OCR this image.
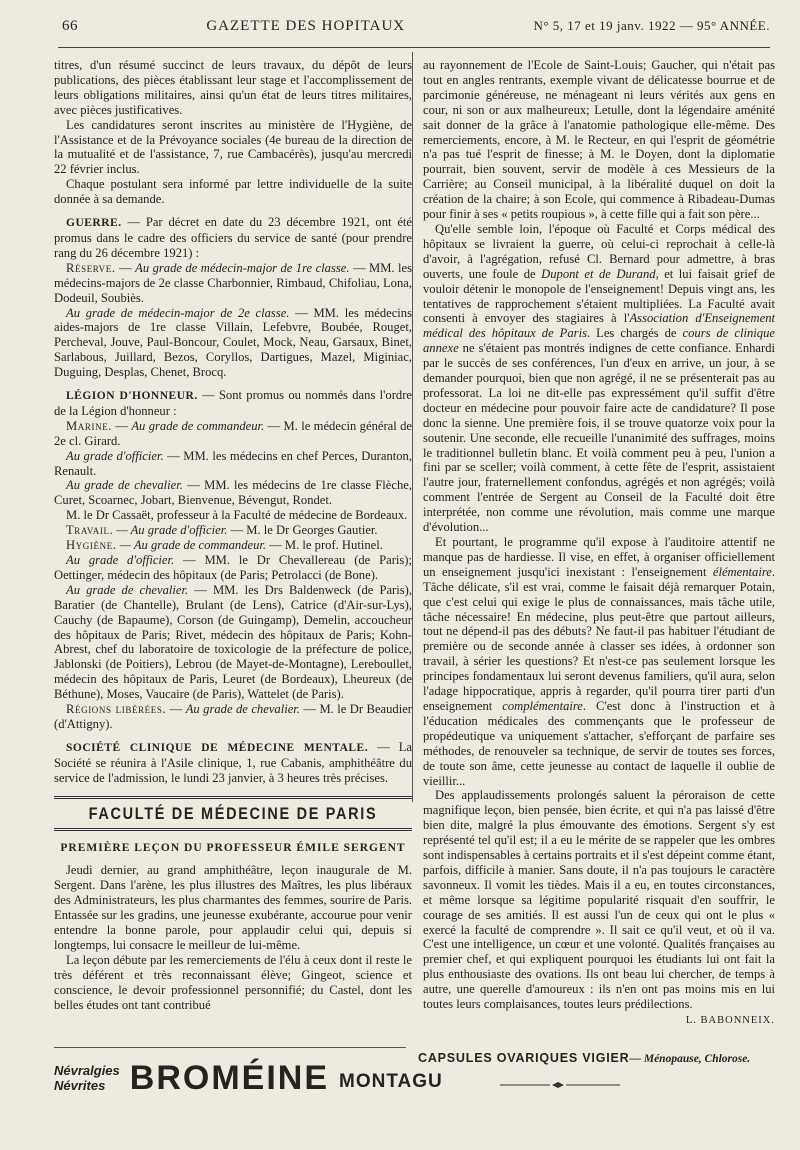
66	GAZETTE DES HOPITAUX	N° 5, 17 et 19 janv. 1922 — 95° ANNÉE.

titres, d'un résumé succinct de leurs travaux, du dépôt de leurs publications, des pièces établissant leur stage et l'accomplissement de leurs obligations militaires, ainsi qu'un état de leurs titres militaires, avec pièces justificatives.

Les candidatures seront inscrites au ministère de l'Hygiène, de l'Assistance et de la Prévoyance sociales (4e bureau de la direction de la mutualité et de l'assistance, 7, rue Cambacérès), jusqu'au mercredi 22 février inclus.

Chaque postulant sera informé par lettre individuelle de la suite donnée à sa demande.

GUERRE. — Par décret en date du 23 décembre 1921, ont été promus dans le cadre des officiers du service de santé (pour prendre rang du 26 décembre 1921) :

Réserve. — Au grade de médecin-major de 1re classe. — MM. les médecins-majors de 2e classe Charbonnier, Rimbaud, Chifoliau, Lona, Dodeuil, Soubiès.

Au grade de médecin-major de 2e classe. — MM. les médecins aides-majors de 1re classe Villain, Lefebvre, Boubée, Rouget, Percheval, Jouve, Paul-Boncour, Coulet, Mock, Neau, Garsaux, Binet, Sarlabous, Juillard, Bezos, Coryllos, Dartigues, Mazel, Miginiac, Duguing, Desplas, Chenet, Brocq.

LÉGION D'HONNEUR. — Sont promus ou nommés dans l'ordre de la Légion d'honneur :

Marine. — Au grade de commandeur. — M. le médecin général de 2e cl. Girard.

Au grade d'officier. — MM. les médecins en chef Perces, Duranton, Renault.

Au grade de chevalier. — MM. les médecins de 1re classe Flèche, Curet, Scoarnec, Jobart, Bienvenue, Bévengut, Rondet.

M. le Dr Cassaët, professeur à la Faculté de médecine de Bordeaux.

Travail. — Au grade d'officier. — M. le Dr Georges Gautier.

Hygiène. — Au grade de commandeur. — M. le prof. Hutinel.

Au grade d'officier. — MM. le Dr Chevallereau (de Paris); Oettinger, médecin des hôpitaux (de Paris; Petrolacci (de Bone).

Au grade de chevalier. — MM. les Drs Baldenweck (de Paris), Baratier (de Chantelle), Brulant (de Lens), Catrice (d'Air-sur-Lys), Cauchy (de Bapaume), Corson (de Guingamp), Demelin, accoucheur des hôpitaux de Paris; Rivet, médecin des hôpitaux de Paris; Kohn-Abrest, chef du laboratoire de toxicologie de la préfecture de police, Jablonski (de Poitiers), Lebrou (de Mayet-de-Montagne), Lereboullet, médecin des hôpitaux de Paris, Leuret (de Bordeaux), Lheureux (de Béthune), Moses, Vaucaire (de Paris), Wattelet (de Paris).

Régions libérées. — Au grade de chevalier. — M. le Dr Beaudier (d'Attigny).

SOCIÉTÉ CLINIQUE DE MÉDECINE MENTALE. — La Société se réunira à l'Asile clinique, 1, rue Cabanis, amphithéâtre du service de l'admission, le lundi 23 janvier, à 3 heures très précises.

FACULTÉ DE MÉDECINE DE PARIS
PREMIÈRE LEÇON DU PROFESSEUR ÉMILE SERGENT

Jeudi dernier, au grand amphithéâtre, leçon inaugurale de M. Sergent. Dans l'arène, les plus illustres des Maîtres, les plus libéraux des Administrateurs, les plus charmantes des femmes, sourire de Paris. Entassée sur les gradins, une jeunesse exubérante, accourue pour venir entendre la bonne parole, pour applaudir celui qui, depuis si longtemps, lui consacre le meilleur de lui-même.

La leçon débute par les remerciements de l'élu à ceux dont il reste le très déférent et très reconnaissant élève; Gingeot, science et conscience, le devoir professionnel personnifié; du Castel, dont les belles études ont tant contribué

au rayonnement de l'Ecole de Saint-Louis; Gaucher, qui n'était pas tout en angles rentrants, exemple vivant de délicatesse bourrue et de parcimonie généreuse, ne ménageant ni leurs vérités aux gens en cour, ni son or aux malheureux; Letulle, dont la légendaire aménité sait donner de la grâce à l'anatomie pathologique elle-même. Des remerciements, encore, à M. le Recteur, en qui l'esprit de géométrie n'a pas tué l'esprit de finesse; à M. le Doyen, dont la diplomatie pourrait, bien souvent, servir de modèle à ces Messieurs de la Carrière; au Conseil municipal, à la libéralité duquel on doit la création de la chaire; à son Ecole, qui commence à Ribadeau-Dumas pour finir à ses « petits roupious », à cette fille qui a fait son père...

Qu'elle semble loin, l'époque où Faculté et Corps médical des hôpitaux se livraient la guerre, où celui-ci reprochait à celle-là d'avoir, à l'agrégation, refusé Cl. Bernard pour admettre, à bras ouverts, une foule de Dupont et de Durand, et lui faisait grief de vouloir détenir le monopole de l'enseignement! Depuis vingt ans, les tentatives de rapprochement s'étaient multipliées. La Faculté avait consenti à envoyer des stagiaires à l'Association d'Enseignement médical des hôpitaux de Paris. Les chargés de cours de clinique annexe ne s'étaient pas montrés indignes de cette confiance. Enhardi par le succès de ses conférences, l'un d'eux en arrive, un jour, à se demander pourquoi, bien que non agrégé, il ne se présenterait pas au professorat. La loi ne dit-elle pas expressément qu'il suffit d'être docteur en médecine pour pouvoir faire acte de candidature? Il pose donc la sienne. Une première fois, il se trouve quatorze voix pour la soutenir. Une seconde, elle recueille l'unanimité des suffrages, moins le traditionnel bulletin blanc. Et voilà comment peu à peu, l'union a fini par se sceller; voilà comment, à cette fête de l'esprit, assistaient l'autre jour, fraternellement confondus, agrégés et non agrégés; voilà comment l'entrée de Sergent au Conseil de la Faculté doit être interprétée, non comme une révolution, mais comme une marque d'évolution...

Et pourtant, le programme qu'il expose à l'auditoire attentif ne manque pas de hardiesse. Il vise, en effet, à organiser officiellement un enseignement jusqu'ici inexistant : l'enseignement élémentaire. Tâche délicate, s'il est vrai, comme le faisait déjà remarquer Potain, que c'est celui qui exige le plus de connaissances, mais tâche utile, tâche nécessaire! En médecine, plus peut-être que partout ailleurs, tout ne dépend-il pas des débuts? Ne faut-il pas habituer l'étudiant de première ou de seconde année à classer ses idées, à ordonner son travail, à sérier les questions? Et n'est-ce pas seulement lorsque les principes fondamentaux lui seront devenus familiers, qu'il aura, selon l'adage hippocratique, appris à regarder, qu'il pourra tirer parti d'un enseignement complémentaire. C'est donc à l'instruction et à l'éducation médicales des commençants que le professeur de propédeutique va uniquement s'attacher, s'efforçant de parfaire ses méthodes, de renouveler sa technique, de servir de toutes ses forces, de toute son âme, cette jeunesse au contact de laquelle il oublie de vieillir...

Des applaudissements prolongés saluent la péroraison de cette magnifique leçon, bien pensée, bien écrite, et qui n'a pas laissé d'être bien dite, malgré la plus émouvante des émotions. Sergent s'y est représenté tel qu'il est; il a eu le mérite de se rappeler que les ombres sont indispensables à certains portraits et il s'est dépeint comme étant, parfois, difficile à manier. Sans doute, il n'a pas toujours le caractère savonneux. Il vomit les tièdes. Mais il a eu, en toutes circonstances, et même lorsque sa légitime popularité risquait d'en souffrir, le courage de ses amitiés. Il est aussi l'un de ceux qui ont le plus « exercé la faculté de comprendre ». Il sait ce qu'il veut, et où il va. C'est une intelligence, un cœur et une volonté. Qualités françaises au premier chef, et qui expliquent pourquoi les étudiants lui ont fait la plus enthousiaste des ovations. Ils ont beau lui chercher, de temps à autre, une querelle d'amoureux : ils n'en ont pas moins mis en lui toutes leurs complaisances, toutes leurs prédilections.

L. BABONNEIX.
Névralgies
Névrites BROMÉINE MONTAGU
CAPSULES OVARIQUES VIGIER— Ménopause, Chlorose.
